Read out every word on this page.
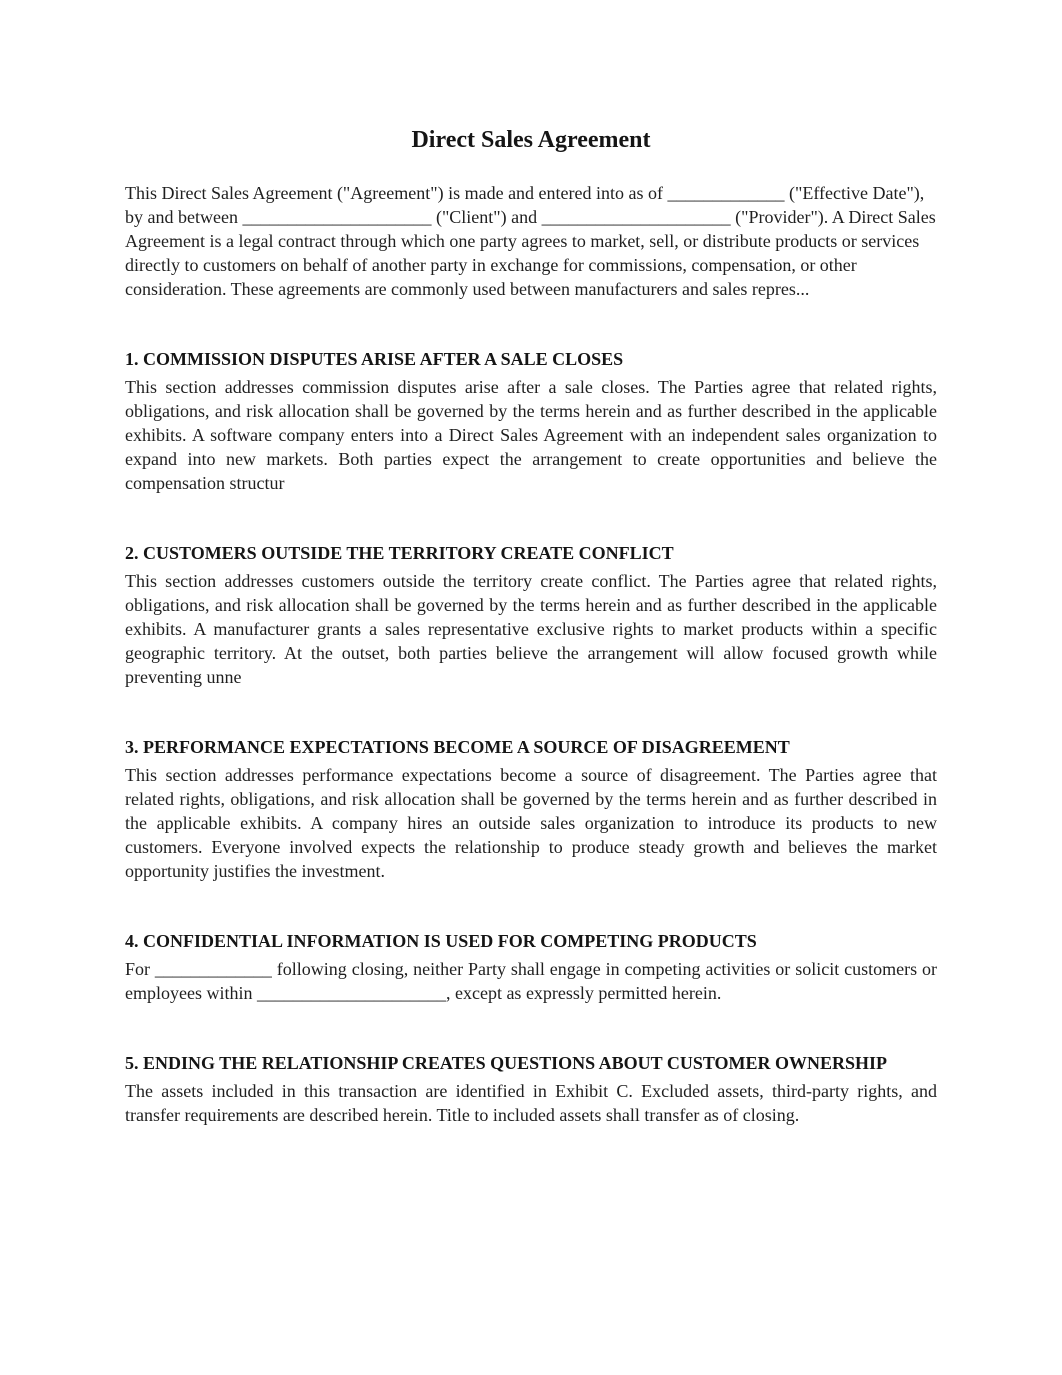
Direct Sales Agreement

This Direct Sales Agreement ("Agreement") is made and entered into as of _____________ ("Effective Date"), by and between _____________________ ("Client") and _____________________ ("Provider"). A Direct Sales Agreement is a legal contract through which one party agrees to market, sell, or distribute products or services directly to customers on behalf of another party in exchange for commissions, compensation, or other consideration. These agreements are commonly used between manufacturers and sales repres...

1. COMMISSION DISPUTES ARISE AFTER A SALE CLOSES

This section addresses commission disputes arise after a sale closes. The Parties agree that related rights, obligations, and risk allocation shall be governed by the terms herein and as further described in the applicable exhibits. A software company enters into a Direct Sales Agreement with an independent sales organization to expand into new markets. Both parties expect the arrangement to create opportunities and believe the compensation structur

2. CUSTOMERS OUTSIDE THE TERRITORY CREATE CONFLICT

This section addresses customers outside the territory create conflict. The Parties agree that related rights, obligations, and risk allocation shall be governed by the terms herein and as further described in the applicable exhibits. A manufacturer grants a sales representative exclusive rights to market products within a specific geographic territory. At the outset, both parties believe the arrangement will allow focused growth while preventing unne

3. PERFORMANCE EXPECTATIONS BECOME A SOURCE OF DISAGREEMENT

This section addresses performance expectations become a source of disagreement. The Parties agree that related rights, obligations, and risk allocation shall be governed by the terms herein and as further described in the applicable exhibits. A company hires an outside sales organization to introduce its products to new customers. Everyone involved expects the relationship to produce steady growth and believes the market opportunity justifies the investment.

4. CONFIDENTIAL INFORMATION IS USED FOR COMPETING PRODUCTS

For _____________ following closing, neither Party shall engage in competing activities or solicit customers or employees within _____________________, except as expressly permitted herein.

5. ENDING THE RELATIONSHIP CREATES QUESTIONS ABOUT CUSTOMER OWNERSHIP

The assets included in this transaction are identified in Exhibit C. Excluded assets, third-party rights, and transfer requirements are described herein. Title to included assets shall transfer as of closing.
